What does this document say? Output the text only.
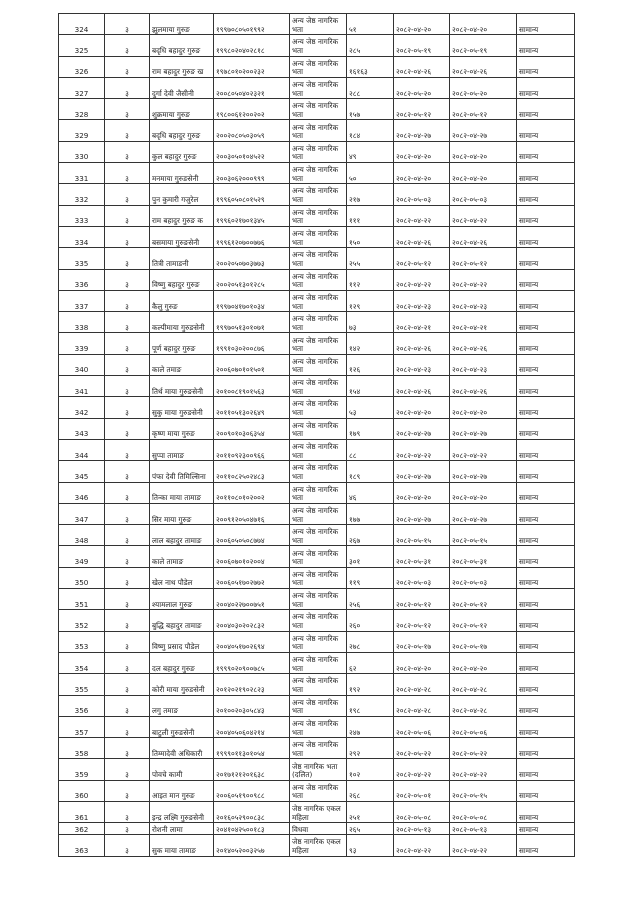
324	३	झुलमाया गुरुङ	१९९७०८०५०१९९२	अन्य जेष्ठ नागरिक भता	५१	२०८२-०४-२०	२०८२-०४-२०	सामान्य
325	३	बदृधि बहादुर गुरुङ	१९९८०२०४०२८१८	अन्य जेष्ठ नागरिक भता	२८५	२०८२-०५-१९	२०८२-०५-१९	सामान्य
326	३	राम बहादुर गुरुङ ख	१९७८०१०२००२३२	अन्य जेष्ठ नागरिक भता	१६१६३	२०८२-०४-२६	२०८२-०४-२६	सामान्य
327	३	दुर्गा देवी जैसीनी	२००८०५०४०२३२१	अन्य जेष्ठ नागरिक भता	२८८	२०८२-०५-२०	२०८२-०५-२०	सामान्य
328	३	शुक्रमाया गुरुङ	१९८००६१२००२०२	अन्य जेष्ठ नागरिक भता	१५७	२०८२-०५-१२	२०८२-०५-१२	सामान्य
329	३	बदृधि बहादुर गुरुङ	२००२०८०५०३०५९	अन्य जेष्ठ नागरिक भता	१८४	२०८२-०४-२७	२०८२-०४-२७	सामान्य
330	३	कुल बहादुर गुरुङ	२००३०५०१०४५२२	अन्य जेष्ठ नागरिक भता	४९	२०८२-०४-२०	२०८२-०४-२०	सामान्य
331	३	मनमाया गुरुङसेनी	२००३०६२०००९९९	अन्य जेष्ठ नागरिक भता	५०	२०८२-०४-२०	२०८२-०४-२०	सामान्य
332	३	पुन कुमारी गजुरेल	१९९६०५०८०१५२९	अन्य जेष्ठ नागरिक भता	२१७	२०८२-०५-०३	२०८२-०५-०३	सामान्य
333	३	राम बहादुर गुरुङ क	१९९६०२१७०१३४५	अन्य जेष्ठ नागरिक भता	१११	२०८२-०४-२२	२०८२-०४-२२	सामान्य
334	३	बसमाया गुरुङसेनी	१९९६१२०७००७७६	अन्य जेष्ठ नागरिक भता	१५०	२०८२-०४-२६	२०८२-०४-२६	सामान्य
335	३	तित्री तामाङनी	२००२०५०७०३७७३	अन्य जेष्ठ नागरिक भता	२५५	२०८२-०५-१२	२०८२-०५-१२	सामान्य
336	३	विष्णु बहादुर गुरुङ	२००२०५१३०१२८५	अन्य जेष्ठ नागरिक भता	११२	२०८२-०४-२२	२०८२-०४-२२	सामान्य
337	३	कैलु गुरुङ	१९९७०४१७०१०३४	अन्य जेष्ठ नागरिक भता	१२९	२०८२-०४-२३	२०८२-०४-२३	सामान्य
338	३	कल्पीमाया गुरुङसेनी	१९९७०५१३०१०७१	अन्य जेष्ठ नागरिक भता	७३	२०८२-०४-२१	२०८२-०४-२१	सामान्य
339	३	पूर्ण बहादुर गुरुङ	१९९१०३०२००८७६	अन्य जेष्ठ नागरिक भता	१४२	२०८२-०४-२६	२०८२-०४-२६	सामान्य
340	३	काले तमाङ	२००६०७०१०१५०१	अन्य जेष्ठ नागरिक भता	१२६	२०८२-०४-२३	२०८२-०४-२३	सामान्य
341	३	तिर्थ माया गुरुङसेनी	२०१००८१९०१५६३	अन्य जेष्ठ नागरिक भता	१५४	२०८२-०४-२६	२०८२-०४-२६	सामान्य
342	३	सुकु माया गुरुङसेनी	२०११०५१३०२६४९	अन्य जेष्ठ नागरिक भता	५३	२०८२-०४-२०	२०८२-०४-२०	सामान्य
343	३	कृष्ण माया गुरुङ	२००९०१०३०६३५४	अन्य जेष्ठ नागरिक भता	१७९	२०८२-०४-२७	२०८२-०४-२७	सामान्य
344	३	सुप्पा तामाङ	२०११०९२३००९६६	अन्य जेष्ठ नागरिक भता	८८	२०८२-०४-२२	२०८२-०४-२२	सामान्य
345	३	पंफा देवी तिमिल्सिना	२०११०८२५०२४८३	अन्य जेष्ठ नागरिक भता	१८९	२०८२-०४-२७	२०८२-०४-२७	सामान्य
346	३	तिन्का माया तामाङ	२०११०८०१०२००२	अन्य जेष्ठ नागरिक भता	४६	२०८२-०४-२०	२०८२-०४-२०	सामान्य
347	३	सिर माया गुरुङ	२००९१२०५०४७१६	अन्य जेष्ठ नागरिक भता	१७७	२०८२-०४-२७	२०८२-०४-२७	सामान्य
348	३	लाल बहादुर तामाङ	२००६०५०५०८७७४	अन्य जेष्ठ नागरिक भता	२६७	२०८२-०५-१५	२०८२-०५-१५	सामान्य
349	३	काले तामाङ	२००६०७०१०२००४	अन्य जेष्ठ नागरिक भता	३०१	२०८२-०५-३१	२०८२-०५-३१	सामान्य
350	३	खेल नाथ पौडेल	२००६०५१७०२७७२	अन्य जेष्ठ नागरिक भता	११९	२०८२-०५-०३	२०८२-०५-०३	सामान्य
351	३	श्यामलाल गुरुङ	२००४०२२७००७५१	अन्य जेष्ठ नागरिक भता	२५६	२०८२-०५-१२	२०८२-०५-१२	सामान्य
352	३	बुद्धि बहादुर तामाङ	२००४०३०२०२८३२	अन्य जेष्ठ नागरिक भता	२६०	२०८२-०५-१२	२०८२-०५-१२	सामान्य
353	३	विष्णु प्रसाद पौडेल	२००४०५१७०२६९४	अन्य जेष्ठ नागरिक भता	२७८	२०८२-०५-१७	२०८२-०५-१७	सामान्य
354	३	दल बहादुर गुरुङ	१९९९०२०९००७८५	अन्य जेष्ठ नागरिक भता	६२	२०८२-०४-२०	२०८२-०४-२०	सामान्य
355	३	कोरी माया गुरुङसेनी	२०१२०२१९०२८२३	अन्य जेष्ठ नागरिक भता	१९२	२०८२-०४-२८	२०८२-०४-२८	सामान्य
356	३	लगु तमाङ	२०१००२०३०५८४३	अन्य जेष्ठ नागरिक भता	१९८	२०८२-०४-२८	२०८२-०४-२८	सामान्य
357	३	बाटुली गुरुङसेनी	२००४०५०६०४२१४	अन्य जेष्ठ नागरिक भता	२४७	२०८२-०५-०६	२०८२-०५-०६	सामान्य
358	३	तिम्मादेवी अधिकारी	१९९९०११३०१०५४	अन्य जेष्ठ नागरिक भता	२९२	२०८२-०५-२२	२०८२-०५-२२	सामान्य
359	३	पोवचे कामी	२०१७१२१२०१६३८	जेष्ठ नागरिक भता (दलित)	१०२	२०८२-०४-२२	२०८२-०४-२२	सामान्य
360	३	आइत मान गुरुङ	२००६०५१९००९८८	अन्य जेष्ठ नागरिक भता	२६८	२०८२-०५-०१	२०८२-०५-१५	सामान्य
361	३	इन्द्र लक्ष्मि गुरुङसेनी	२०१६०५२९००८३८	जेष्ठ नागरिक एकल महिला	२५१	२०८२-०५-०८	२०८२-०५-०८	सामान्य
362	३	रोशनी लामा	२०४१०४२५००१८३	विधवा	२६५	२०८२-०५-१३	२०८२-०५-१३	सामान्य
363	३	सुक माया तामाङ	२०१४०५२००३२५७	जेष्ठ नागरिक एकल महिला	९३	२०८२-०४-२२	२०८२-०४-२२	सामान्य
